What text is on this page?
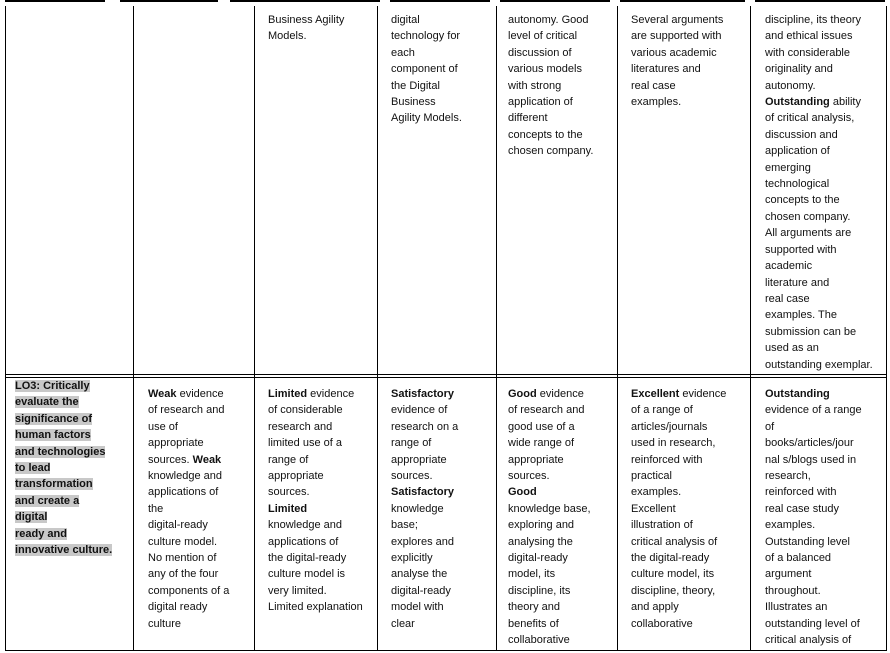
Business Agility
Models.
digital
technology for
each
component of
the Digital
Business
Agility Models.
autonomy. Good
level of critical
discussion of
various models
with strong
application of
different
concepts to the
chosen company.
Several arguments
are supported with
various academic
literatures and
real case
examples.
discipline, its theory
and ethical issues
with considerable
originality and
autonomy.
Outstanding ability
of critical analysis,
discussion and
application of
emerging
technological
concepts to the
chosen company.
All arguments are
supported with
academic
literature and
real case
examples. The
submission can be
used as an
outstanding exemplar.
LO3: Critically
evaluate the
significance of
human factors
and technologies
to lead
transformation
and create a
digital
ready and
innovative culture.
Weak evidence
of research and
use of
appropriate
sources. Weak
knowledge and
applications of
the
digital-ready
culture model.
No mention of
any of the four
components of a
digital ready
culture
Limited evidence
of considerable
research and
limited use of a
range of
appropriate
sources.
Limited
knowledge and
applications of
the digital-ready
culture model is
very limited.
Limited explanation
Satisfactory
evidence of
research on a
range of
appropriate
sources.
Satisfactory
knowledge
base;
explores and
explicitly
analyse the
digital-ready
model with
clear
Good evidence
of research and
good use of a
wide range of
appropriate
sources.
Good
knowledge base,
exploring and
analysing the
digital-ready
model, its
discipline, its
theory and
benefits of
collaborative
Excellent evidence
of a range of
articles/journals
used in research,
reinforced with
practical
examples.
Excellent
illustration of
critical analysis of
the digital-ready
culture model, its
discipline, theory,
and apply
collaborative
Outstanding
evidence of a range
of
books/articles/jour
nal s/blogs used in
research,
reinforced with
real case study
examples.
Outstanding level
of a balanced
argument
throughout.
Illustrates an
outstanding level of
critical analysis of
